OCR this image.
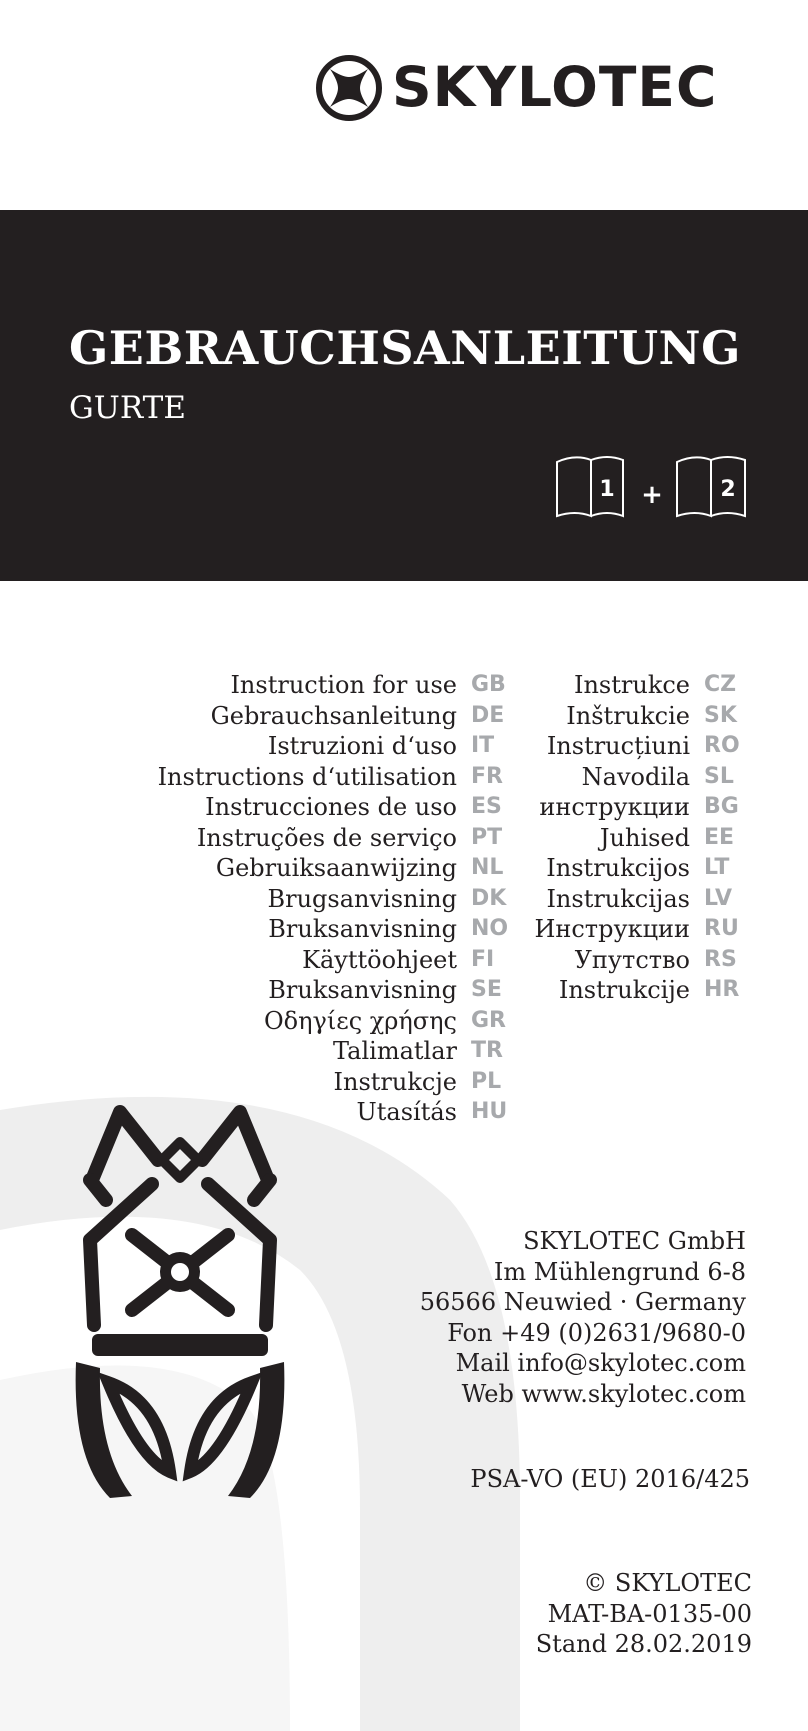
SKYLOTEC
GEBRAUCHSANLEITUNG

GURTE

1 +	2
Instruction for use GB
Gebrauchsanleitung DE
Istruzioni d‘uso IT
Instructions d‘utilisation FR
Instrucciones de uso ES
Instruções de serviço PT
Gebruiksaanwijzing NL
Brugsanvisning DK
Bruksanvisning NO
Käyttöohjeet FI
Bruksanvisning SE
Οδηγίες χρήσης GR
Talimatlar TR
Instrukcje PL
Utasítás HU
Instrukce CZ
Inštrukcie SK
Instrucțiuni RO
Navodila SL
инструкции BG
Juhised EE
Instrukcijos LT
Instrukcijas LV
Инструкции RU
Упутство RS
Instrukcije HR
SKYLOTEC GmbH
Im Mühlengrund 6-8
56566 Neuwied · Germany
Fon +49 (0)2631/9680-0
Mail info@skylotec.com
Web www.skylotec.com
PSA-VO (EU) 2016/425
© SKYLOTEC
MAT-BA-0135-00
Stand 28.02.2019
